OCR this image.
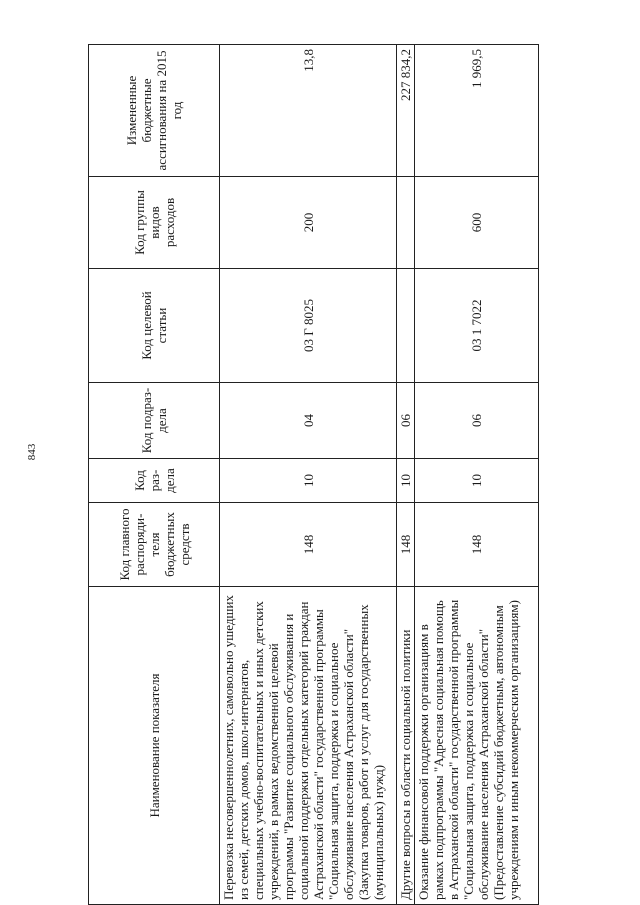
843
Наименование показателя	Код главного распоряди-теля бюджетных средств	Код раз-дела	Код подраз-дела	Код целевой статьи	Код группы видов расходов	Измененные бюджетные ассигнования на 2015 год
Перевозка несовершеннолетних, самовольно ушедших из семей, детских домов, школ-интернатов, специальных учебно-воспитательных и иных детских учреждений, в рамках ведомственной целевой программы "Развитие социального обслуживания и социальной поддержки отдельных категорий граждан Астраханской области" государственной программы "Социальная защита, поддержка и социальное обслуживание населения Астраханской области" (Закупка товаров, работ и услуг для государственных (муниципальных) нужд)	148	10	04	03 Г 8025	200	13,8
Другие вопросы в области социальной политики	148	10	06			227 834,2
Оказание финансовой поддержки организациям в рамках подпрограммы "Адресная социальная помощь в Астраханской области" государственной программы "Социальная защита, поддержка и социальное обслуживание населения Астраханской области" (Предоставление субсидий бюджетным, автономным учреждениям и иным некоммерческим организациям)	148	10	06	03 1 7022	600	1 969,5
